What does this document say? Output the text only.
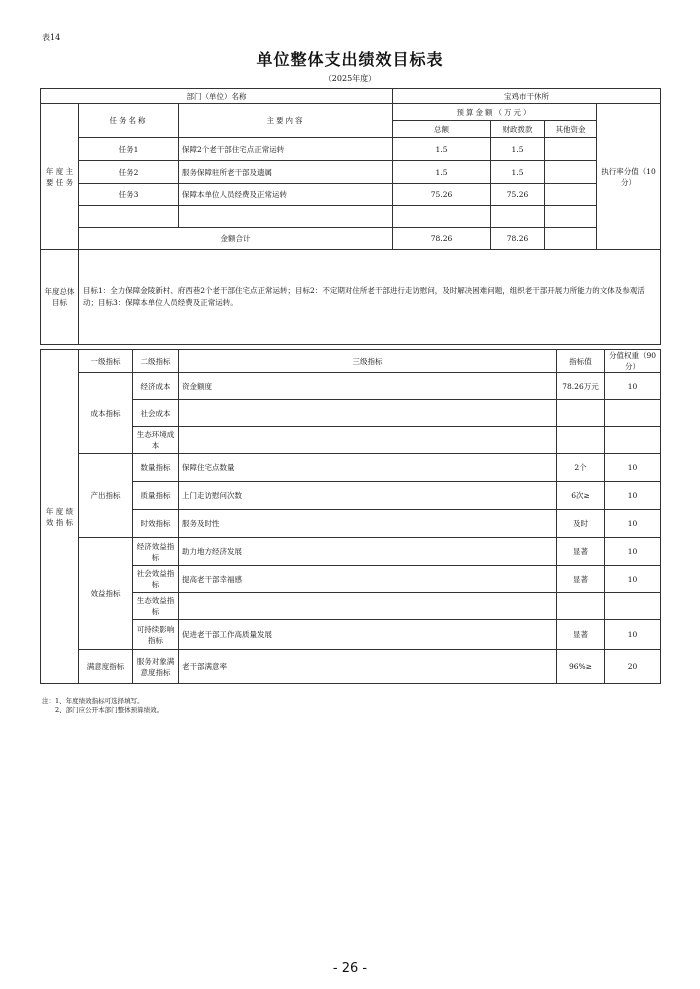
表14
单位整体支出绩效目标表
（2025年度）
部门（单位）名称			宝鸡市干休所			
年 度 主 要 任 务	任务名称	主要内容	预算金额（万元）			执行率分值（10分）
			总额	财政拨款	其他资金	
	任务1	保障2个老干部住宅点正常运转	1.5	1.5		
	任务2	服务保障驻所老干部及遗属	1.5	1.5		
	任务3	保障本单位人员经费及正常运转	75.26	75.26		

	金额合计		78.26	78.26		
年度总体目标	目标1：全力保障金陵新村、府西巷2个老干部住宅点正常运转；目标2：不定期对住所老干部进行走访慰问，及时解决困难问题，组织老干部开展力所能力的文体及参观活动；目标3：保障本单位人员经费及正常运转。					
年 度 绩 效 指 标	一级指标	二级指标	三级指标	指标值	分值权重（90分）
	成本指标	经济成本	资金额度	78.26万元	10
		社会成本			
		生态环境成本			
	产出指标	数量指标	保障住宅点数量	2个	10
		质量指标	上门走访慰问次数	6次≥	10
		时效指标	服务及时性	及时	10
	效益指标	经济效益指标	助力地方经济发展	显著	10
		社会效益指标	提高老干部幸福感	显著	10
		生态效益指标			
		可持续影响指标	促进老干部工作高质量发展	显著	10
	满意度指标	服务对象满意度指标	老干部满意率	96%≥	20
注：1、年度绩效指标可选择填写。
　　2、部门应公开本部门整体预算绩效。
- 26 -
